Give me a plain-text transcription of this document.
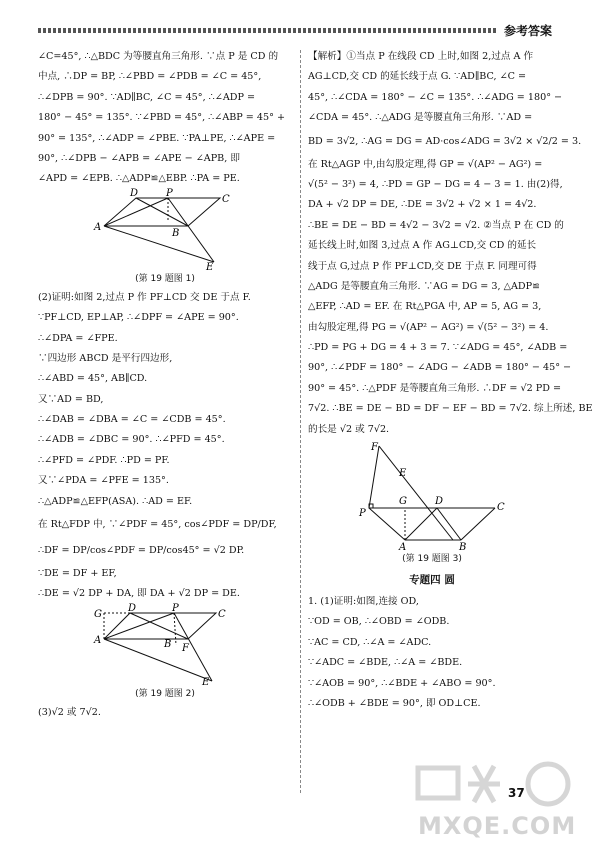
参考答案
∠C=45°, ∴△BDC 为等腰直角三角形. ∵点 P 是 CD 的
中点, ∴DP = BP, ∴∠PBD = ∠PDB = ∠C = 45°,
∴∠DPB = 90°. ∵AD∥BC, ∠C = 45°, ∴∠ADP =
180° − 45° = 135°. ∵∠PBD = 45°, ∴∠ABP = 45° +
90° = 135°, ∴∠ADP = ∠PBE. ∵PA⊥PE, ∴∠APE =
90°, ∴∠DPB − ∠APB = ∠APE − ∠APB, 即
∠APD = ∠EPB. ∴△ADP≌△EBP. ∴PA = PE.
D	P
C
A
B
E
(第 19 题图 1)
(2)证明:如图 2,过点 P 作 PF⊥CD 交 DE 于点 F.
∵PF⊥CD, EP⊥AP, ∴∠DPF = ∠APE = 90°.
∴∠DPA = ∠FPE.
∵四边形 ABCD 是平行四边形,
∴∠ABD = 45°, AB∥CD.
又∵AD = BD,
∴∠DAB = ∠DBA = ∠C = ∠CDB = 45°.
∴∠ADB = ∠DBC = 90°. ∴∠PFD = 45°.
∴∠PFD = ∠PDF. ∴PD = PF.
又∵∠PDA = ∠PFE = 135°.
∴△ADP≌△EFP(ASA). ∴AD = EF.
在 Rt△FDP 中, ∵∠PDF = 45°, cos∠PDF = DP/DF,
∴DF = DP/cos∠PDF = DP/cos45° = √2 DP.
∵DE = DF + EF,
∴DE = √2 DP + DA, 即 DA + √2 DP = DE.
G
D	P
C
A	B F
E
(第 19 题图 2)
(3)√2 或 7√2.
【解析】①当点 P 在线段 CD 上时,如图 2,过点 A 作
AG⊥CD,交 CD 的延长线于点 G. ∵AD∥BC, ∠C =
45°, ∴∠CDA = 180° − ∠C = 135°. ∴∠ADG = 180° −
∠CDA = 45°. ∴△ADG 是等腰直角三角形. ∵AD =
BD = 3√2, ∴AG = DG = AD·cos∠ADG = 3√2 × √2/2 = 3.
在 Rt△AGP 中,由勾股定理,得 GP = √(AP² − AG²) =
√(5² − 3²) = 4, ∴PD = GP − DG = 4 − 3 = 1. 由(2)得,
DA + √2 DP = DE, ∴DE = 3√2 + √2 × 1 = 4√2.
∴BE = DE − BD = 4√2 − 3√2 = √2. ②当点 P 在 CD 的
延长线上时,如图 3,过点 A 作 AG⊥CD,交 CD 的延长
线于点 G,过点 P 作 PF⊥CD,交 DE 于点 F. 同理可得
△ADG 是等腰直角三角形. ∵AG = DG = 3, △ADP≌
△EFP, ∴AD = EF. 在 Rt△PGA 中, AP = 5, AG = 3,
由勾股定理,得 PG = √(AP² − AG²) = √(5² − 3²) = 4.
∴PD = PG + DG = 4 + 3 = 7. ∵∠ADG = 45°, ∠ADB =
90°, ∴∠PDF = 180° − ∠ADG − ∠ADB = 180° − 45° −
90° = 45°. ∴△PDF 是等腰直角三角形. ∴DF = √2 PD =
7√2. ∴BE = DE − BD = DF − EF − BD = 7√2. 综上所述, BE
的长是 √2 或 7√2.
F
E
G	D
C
P
A	B
(第 19 题图 3)
专题四 圆
1. (1)证明:如图,连接 OD,
∵OD = OB, ∴∠OBD = ∠ODB.
∵AC = CD, ∴∠A = ∠ADC.
∵∠ADC = ∠BDE, ∴∠A = ∠BDE.
∵∠AOB = 90°, ∴∠BDE + ∠ABO = 90°.
∴∠ODB + ∠BDE = 90°, 即 OD⊥CE.
37
MXQE.COM
